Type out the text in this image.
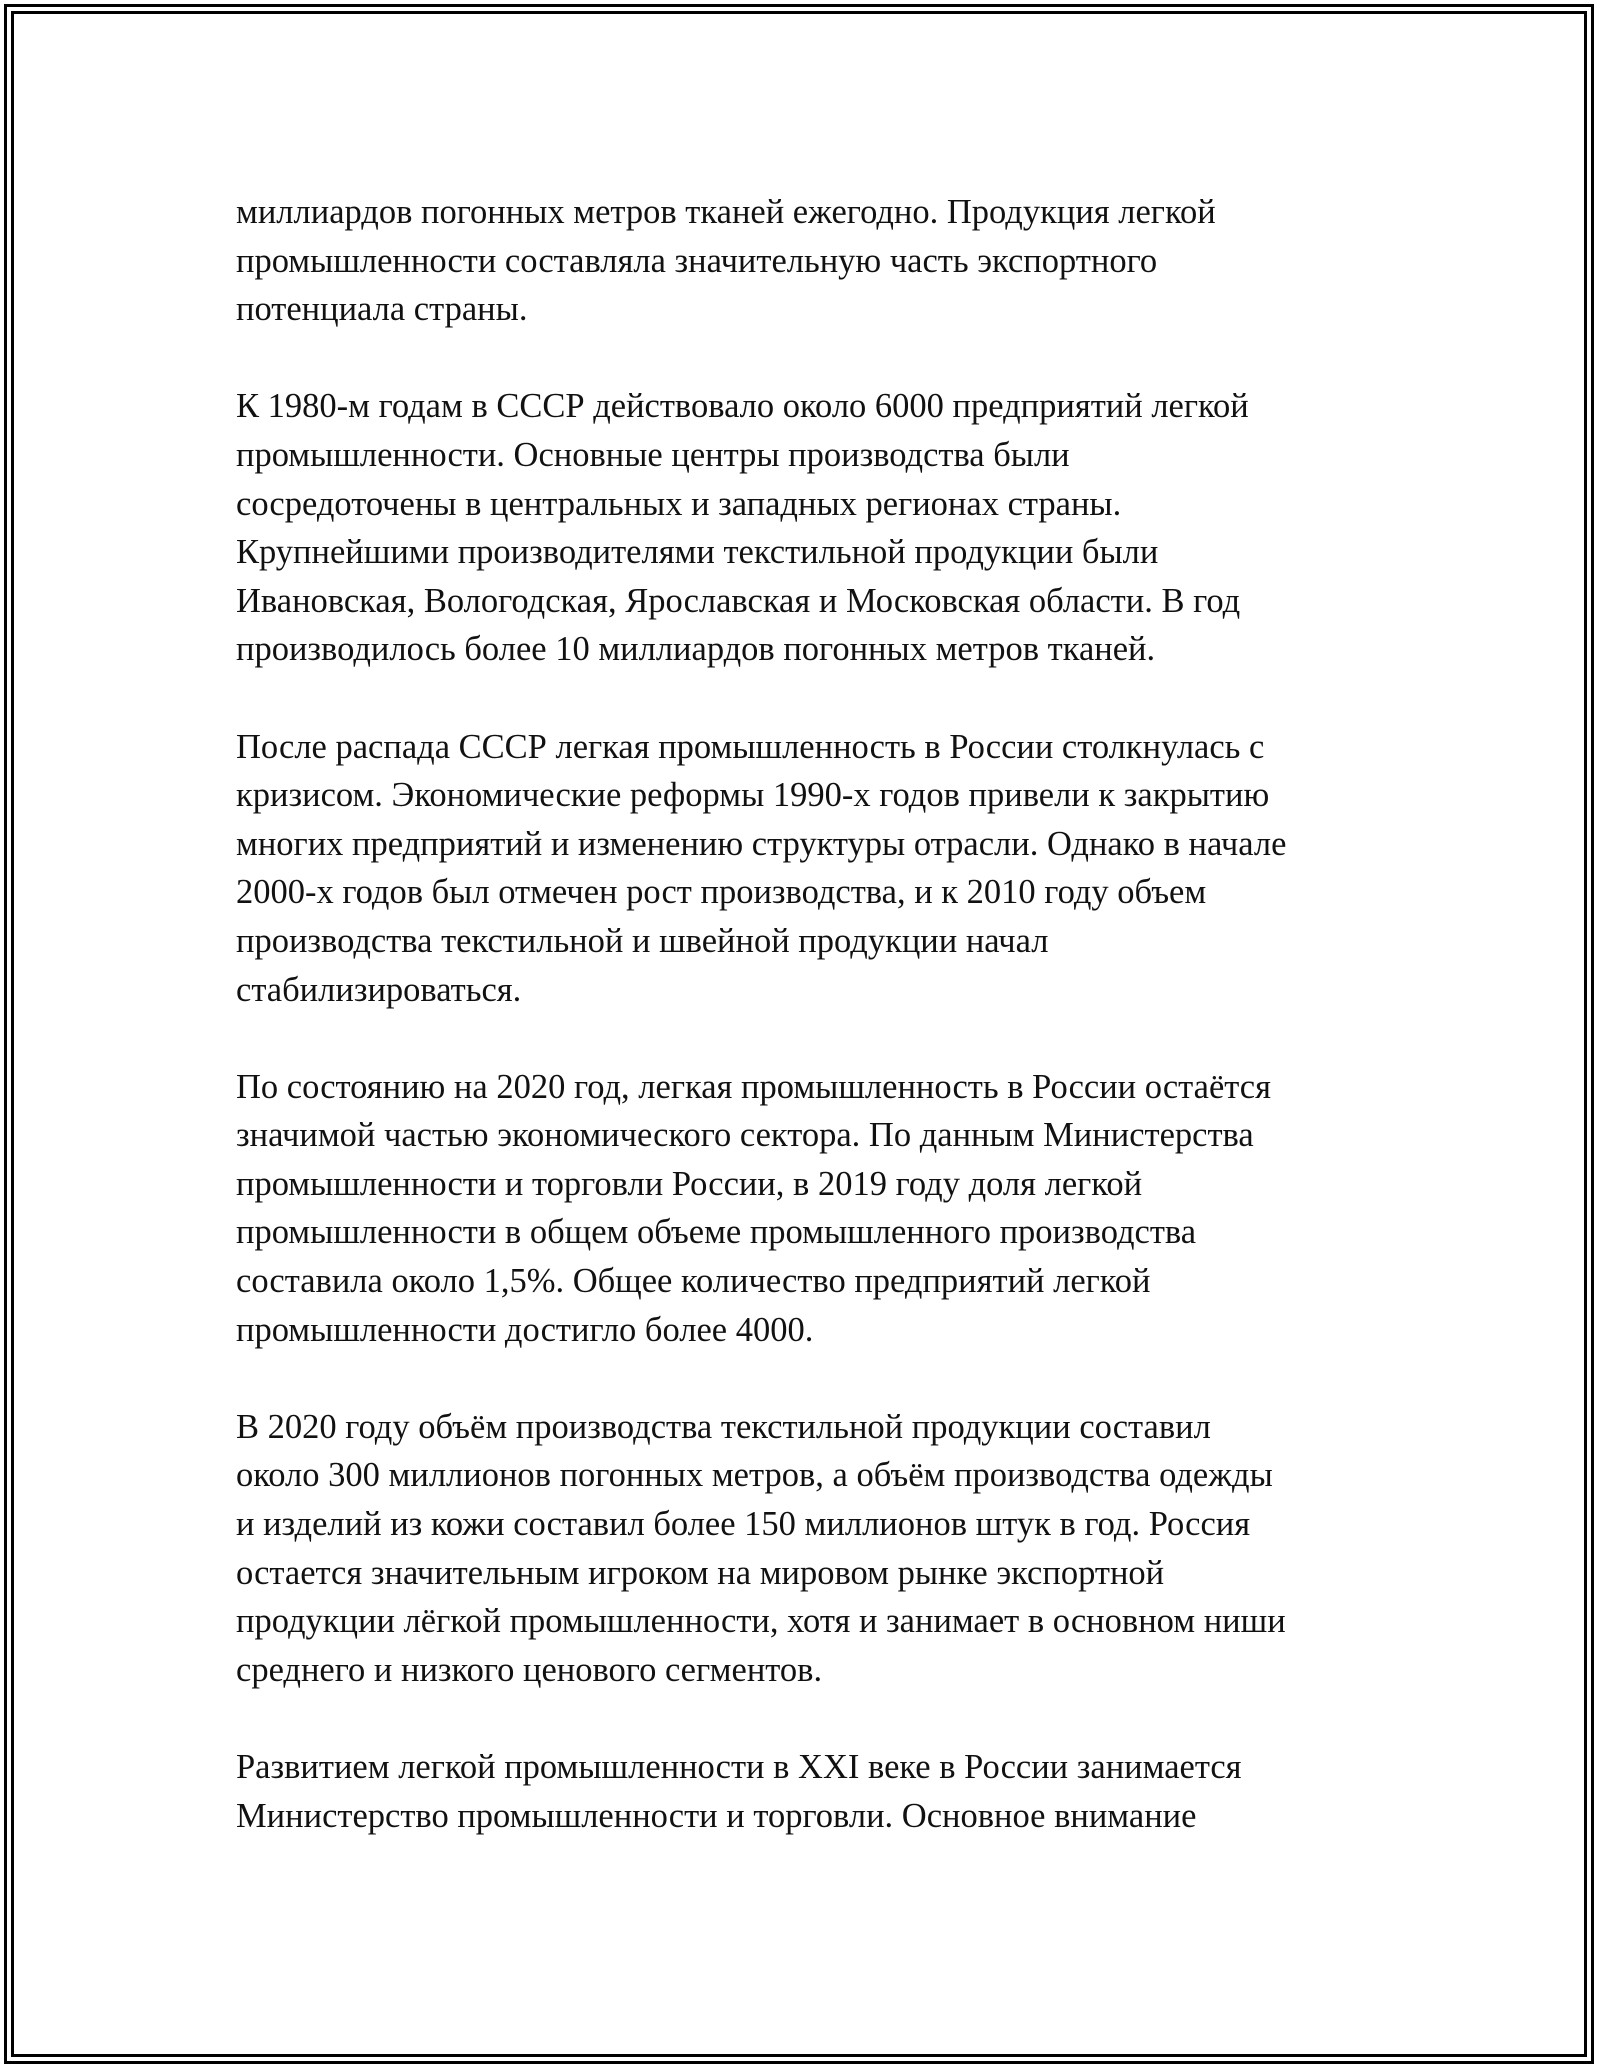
миллиардов погонных метров тканей ежегодно. Продукция легкой
промышленности составляла значительную часть экспортного
потенциала страны.

К 1980-м годам в СССР действовало около 6000 предприятий легкой
промышленности. Основные центры производства были
сосредоточены в центральных и западных регионах страны.
Крупнейшими производителями текстильной продукции были
Ивановская, Вологодская, Ярославская и Московская области. В год
производилось более 10 миллиардов погонных метров тканей.

После распада СССР легкая промышленность в России столкнулась с
кризисом. Экономические реформы 1990-х годов привели к закрытию
многих предприятий и изменению структуры отрасли. Однако в начале
2000-х годов был отмечен рост производства, и к 2010 году объем
производства текстильной и швейной продукции начал
стабилизироваться.

По состоянию на 2020 год, легкая промышленность в России остаётся
значимой частью экономического сектора. По данным Министерства
промышленности и торговли России, в 2019 году доля легкой
промышленности в общем объеме промышленного производства
составила около 1,5%. Общее количество предприятий легкой
промышленности достигло более 4000.

В 2020 году объём производства текстильной продукции составил
около 300 миллионов погонных метров, а объём производства одежды
и изделий из кожи составил более 150 миллионов штук в год. Россия
остается значительным игроком на мировом рынке экспортной
продукции лёгкой промышленности, хотя и занимает в основном ниши
среднего и низкого ценового сегментов.

Развитием легкой промышленности в XXI веке в России занимается
Министерство промышленности и торговли. Основное внимание
